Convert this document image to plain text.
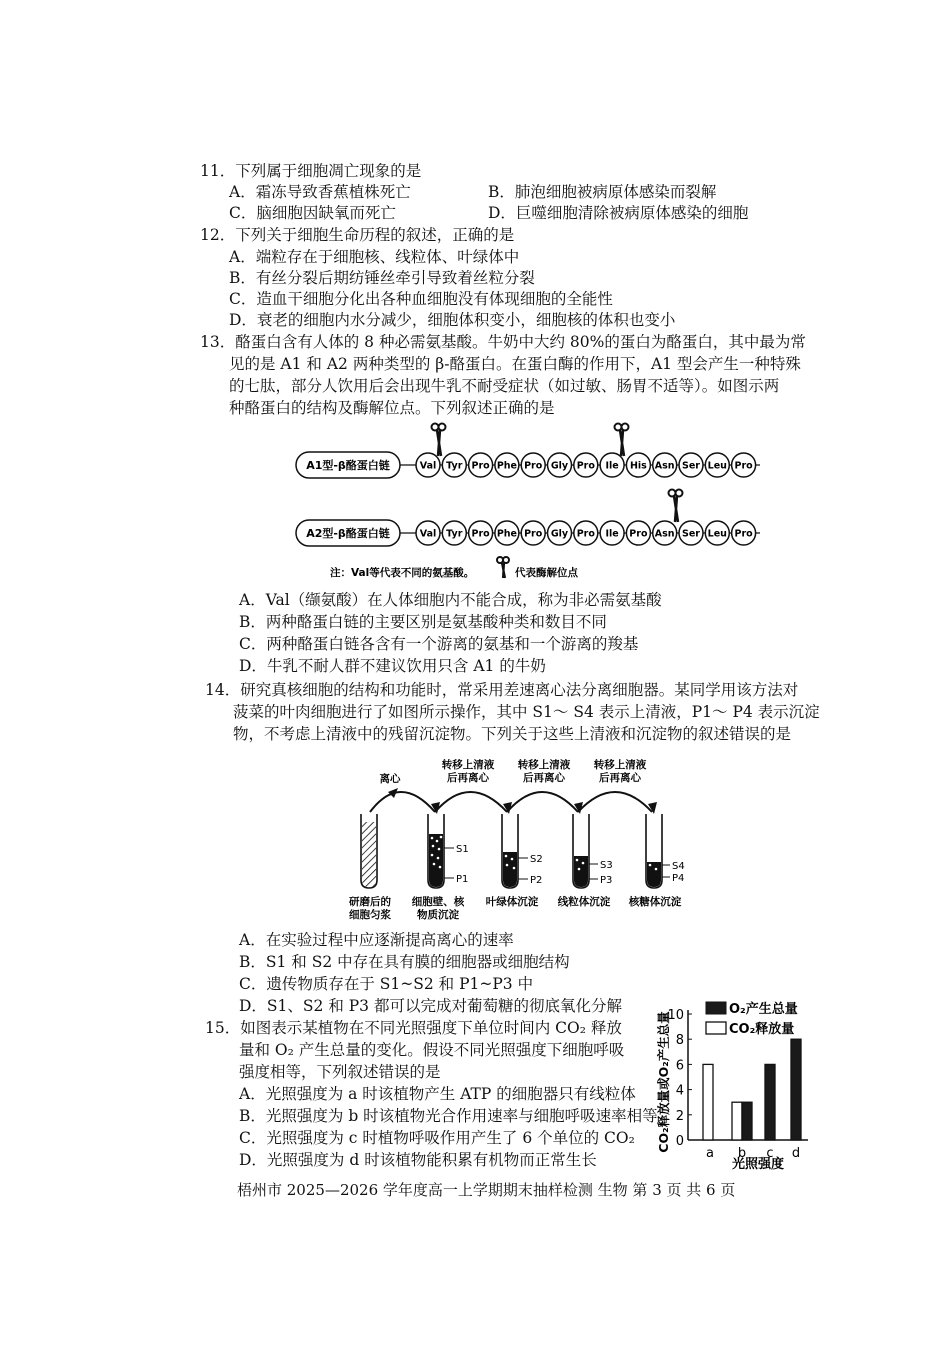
11．下列属于细胞凋亡现象的是
A．霜冻导致香蕉植株死亡	B．肺泡细胞被病原体感染而裂解
C．脑细胞因缺氧而死亡	D．巨噬细胞清除被病原体感染的细胞
12．下列关于细胞生命历程的叙述，正确的是
A．端粒存在于细胞核、线粒体、叶绿体中
B．有丝分裂后期纺锤丝牵引导致着丝粒分裂
C．造血干细胞分化出各种血细胞没有体现细胞的全能性
D．衰老的细胞内水分减少，细胞体积变小，细胞核的体积也变小
13．酪蛋白含有人体的 8 种必需氨基酸。牛奶中大约 80%的蛋白为酪蛋白，其中最为常
见的是 A1 和 A2 两种类型的 β-酪蛋白。在蛋白酶的作用下，A1 型会产生一种特殊
的七肽，部分人饮用后会出现牛乳不耐受症状（如过敏、肠胃不适等）。如图示两
种酪蛋白的结构及酶解位点。下列叙述正确的是
A1型-β酪蛋白链	Val Tyr Pro Phe Pro Gly Pro Ile His Asn Ser Leu Pro
A2型-β酪蛋白链	Val Tyr Pro Phe Pro Gly Pro Ile Pro Asn Ser Leu Pro
注：Val等代表不同的氨基酸。	代表酶解位点
A．Val（缬氨酸）在人体细胞内不能合成，称为非必需氨基酸
B．两种酪蛋白链的主要区别是氨基酸种类和数目不同
C．两种酪蛋白链各含有一个游离的氨基和一个游离的羧基
D．牛乳不耐人群不建议饮用只含 A1 的牛奶
14．研究真核细胞的结构和功能时，常采用差速离心法分离细胞器。某同学用该方法对
菠菜的叶肉细胞进行了如图所示操作，其中 S1～ S4 表示上清液，P1～ P4 表示沉淀
物，不考虑上清液中的残留沉淀物。下列关于这些上清液和沉淀物的叙述错误的是
离心
转移上清液
后再离心
转移上清液
后再离心
转移上清液
后再离心
S1
P1
S2
P2
S3
P3
S4
P4
研磨后的
细胞匀浆
细胞壁、核
物质沉淀
叶绿体沉淀 线粒体沉淀 核糖体沉淀
A．在实验过程中应逐渐提高离心的速率
B．S1 和 S2 中存在具有膜的细胞器或细胞结构
C．遗传物质存在于 S1~S2 和 P1~P3 中
D．S1、S2 和 P3 都可以完成对葡萄糖的彻底氧化分解
15．如图表示某植物在不同光照强度下单位时间内 CO₂ 释放
量和 O₂ 产生总量的变化。假设不同光照强度下细胞呼吸
强度相等，下列叙述错误的是
A．光照强度为 a 时该植物产生 ATP 的细胞器只有线粒体
B．光照强度为 b 时该植物光合作用速率与细胞呼吸速率相等
C．光照强度为 c 时植物呼吸作用产生了 6 个单位的 CO₂
D．光照强度为 d 时该植物能积累有机物而正常生长
CO₂释放量或O₂产生总量
光照强度
0
2
4
6
8
10
a b c d
O₂产生总量
CO₂释放量
梧州市 2025—2026 学年度高一上学期期末抽样检测 生物 第 3 页 共 6 页
